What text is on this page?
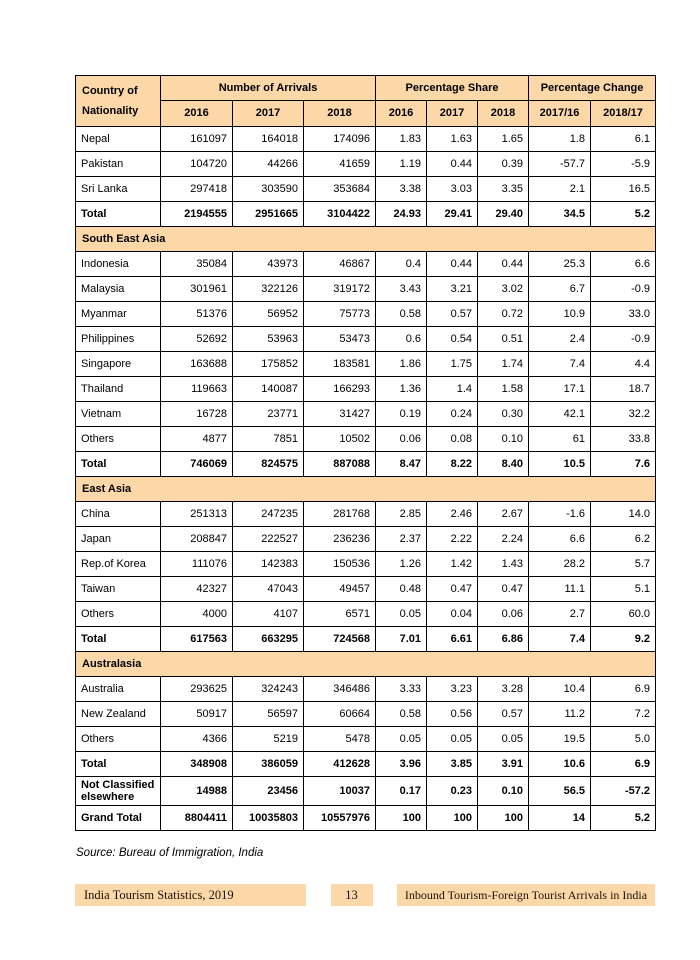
Country of Nationality	Number of Arrivals			Percentage Share			Percentage Change	
	2016	2017	2018	2016	2017	2018	2017/16	2018/17
Nepal	161097	164018	174096	1.83	1.63	1.65	1.8	6.1
Pakistan	104720	44266	41659	1.19	0.44	0.39	-57.7	-5.9
Sri Lanka	297418	303590	353684	3.38	3.03	3.35	2.1	16.5
Total	2194555	2951665	3104422	24.93	29.41	29.40	34.5	5.2
South East Asia								
Indonesia	35084	43973	46867	0.4	0.44	0.44	25.3	6.6
Malaysia	301961	322126	319172	3.43	3.21	3.02	6.7	-0.9
Myanmar	51376	56952	75773	0.58	0.57	0.72	10.9	33.0
Philippines	52692	53963	53473	0.6	0.54	0.51	2.4	-0.9
Singapore	163688	175852	183581	1.86	1.75	1.74	7.4	4.4
Thailand	119663	140087	166293	1.36	1.4	1.58	17.1	18.7
Vietnam	16728	23771	31427	0.19	0.24	0.30	42.1	32.2
Others	4877	7851	10502	0.06	0.08	0.10	61	33.8
Total	746069	824575	887088	8.47	8.22	8.40	10.5	7.6
East Asia								
China	251313	247235	281768	2.85	2.46	2.67	-1.6	14.0
Japan	208847	222527	236236	2.37	2.22	2.24	6.6	6.2
Rep.of Korea	111076	142383	150536	1.26	1.42	1.43	28.2	5.7
Taiwan	42327	47043	49457	0.48	0.47	0.47	11.1	5.1
Others	4000	4107	6571	0.05	0.04	0.06	2.7	60.0
Total	617563	663295	724568	7.01	6.61	6.86	7.4	9.2
Australasia								
Australia	293625	324243	346486	3.33	3.23	3.28	10.4	6.9
New Zealand	50917	56597	60664	0.58	0.56	0.57	11.2	7.2
Others	4366	5219	5478	0.05	0.05	0.05	19.5	5.0
Total	348908	386059	412628	3.96	3.85	3.91	10.6	6.9
Not Classified elsewhere	14988	23456	10037	0.17	0.23	0.10	56.5	-57.2
Grand Total	8804411	10035803	10557976	100	100	100	14	5.2
Source: Bureau of Immigration, India
India Tourism Statistics, 2019	13	Inbound Tourism-Foreign Tourist Arrivals in India
